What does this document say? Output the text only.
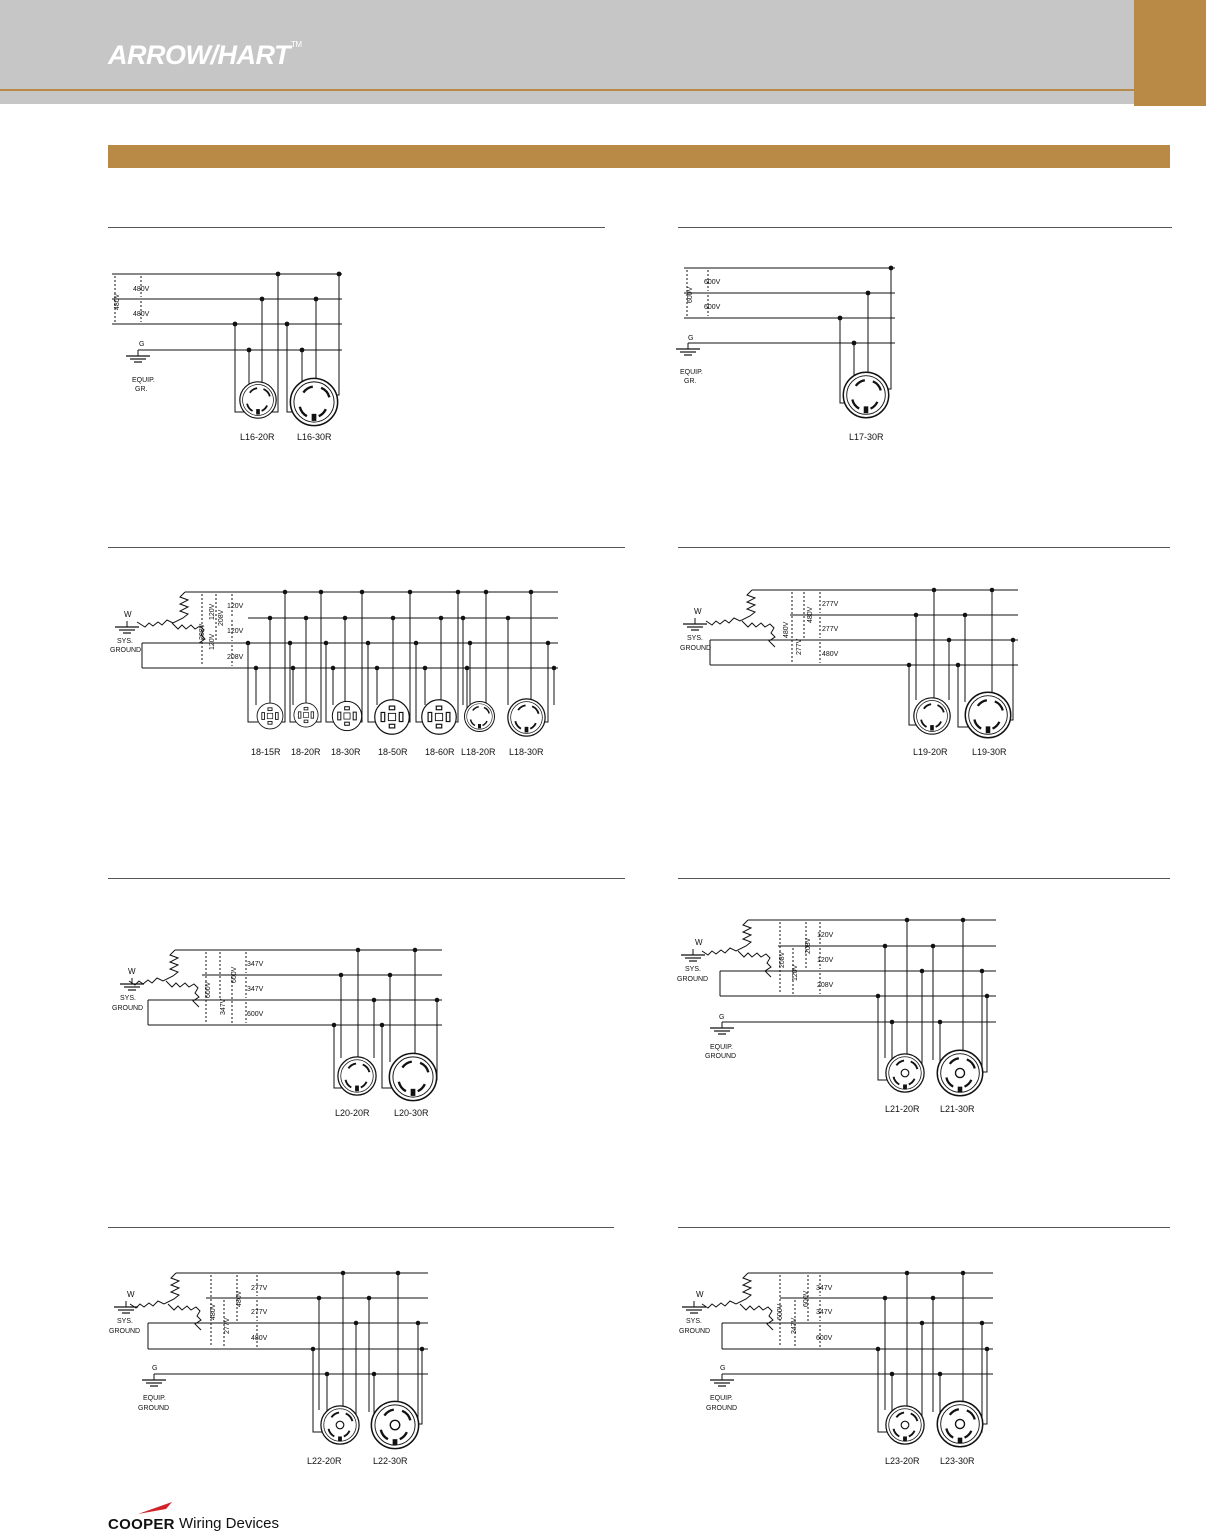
ARROW/HART™
480V
480V
480V
G
EQUIP.
GR.
L16-20R L16-30R
600V
600V
600V
G
EQUIP.
GR.
L17-30R
W
SYS.
GROUND
120V
120V
208V
208V
120V
208V
120V
18-15R 18-20R 18-30R 18-50R 18-60R L18-20R L18-30R
W
SYS.
GROUND
277V
277V
480V
480V
277V
480V
L19-20R	L19-30R
W
SYS.
GROUND
347V
347V
600V
600V
347V
600V
L20-20R	L20-30R
W
SYS.
GROUND
G
EQUIP.
GROUND
120V
120V
208V
208V
120V
208V
L21-20R L21-30R
W
SYS.
GROUND
G
EQUIP.
GROUND
277V
277V
480V
480V
277V
480V
L22-20R	L22-30R
W
SYS.
GROUND
G
EQUIP.
GROUND
347V
347V
600V
600V
347V
600V
L23-20R L23-30R
COOPER Wiring Devices
